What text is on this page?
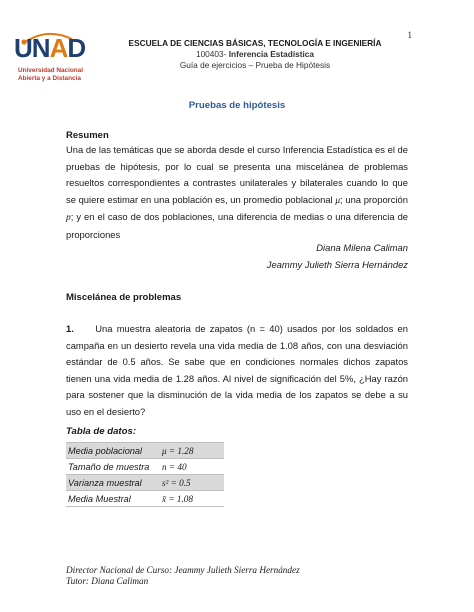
1
UNAD
Universidad Nacional
Abierta y a Distancia
ESCUELA DE CIENCIAS BÁSICAS, TECNOLOGÍA E INGENIERÍA
100403- Inferencia Estadística
Guía de ejercicios – Prueba de Hipótesis
Pruebas de hipótesis
Resumen
Una de las temáticas que se aborda desde el curso Inferencia Estadística es el de pruebas de hipótesis, por lo cual se presenta una miscelánea de problemas resueltos correspondientes a contrastes unilaterales y bilaterales cuando lo que se quiere estimar en una población es, un promedio poblacional μ; una proporción p; y en el caso de dos poblaciones, una diferencia de medias o una diferencia de proporciones
Diana Milena Caliman
Jeammy Julieth Sierra Hernández
Miscelánea de problemas
1. Una muestra aleatoria de zapatos (n = 40) usados por los soldados en campaña en un desierto revela una vida media de 1.08 años, con una desviación estándar de 0.5 años. Se sabe que en condiciones normales dichos zapatos tienen una vida media de 1.28 años. Al nivel de significación del 5%, ¿Hay razón para sostener que la disminución de la vida media de los zapatos se debe a su uso en el desierto?
Tabla de datos:
Media poblacional	μ = 1.28
Tamaño de muestra	n = 40
Varianza muestral	s² = 0.5
Media Muestral	x̄ = 1.08
Director Nacional de Curso: Jeammy Julieth Sierra Hernández
Tutor: Diana Caliman
